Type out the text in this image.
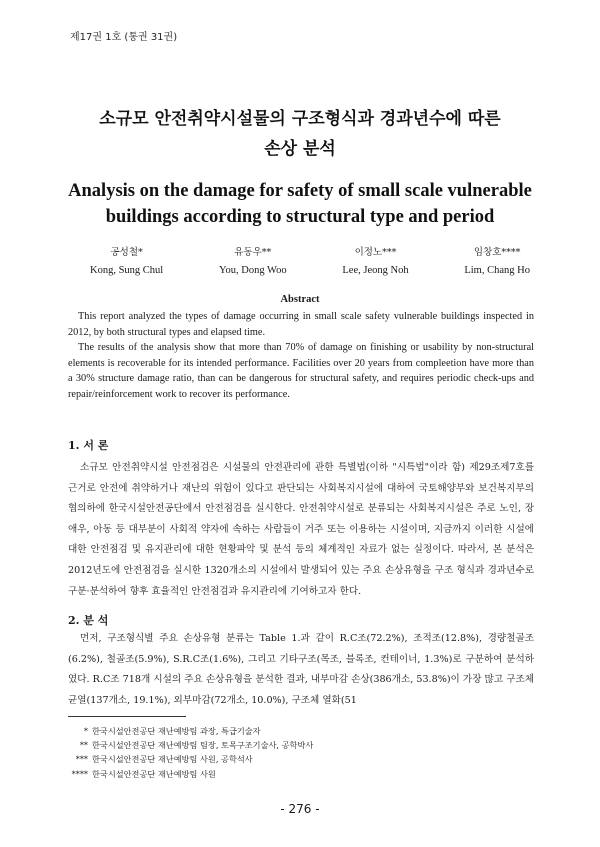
제17권 1호 (통권 31권)
소규모 안전취약시설물의 구조형식과 경과년수에 따른
손상 분석
Analysis on the damage for safety of small scale vulnerable
buildings according to structural type and period
공성철*
Kong, Sung Chul
유동우**
You, Dong Woo
이정노***
Lee, Jeong Noh
임창호****
Lim, Chang Ho
Abstract

This report analyzed the types of damage occurring in small scale safety vulnerable buildings inspected in 2012, by both structural types and elapsed time.

The results of the analysis show that more than 70% of damage on finishing or usability by non-structural elements is recoverable for its intended performance. Facilities over 20 years from compleetion have more than a 30% structure damage ratio, than can be dangerous for structural safety, and requires periodic check-ups and repair/reinforcement work to recover its performance.

1. 서 론

소규모 안전취약시설 안전점검은 시설물의 안전관리에 관한 특별법(이하 "시특법"이라 함) 제29조제7호를 근거로 안전에 취약하거나 재난의 위험이 있다고 판단되는 사회복지시설에 대하여 국토해양부와 보건복지부의 협의하에 한국시설안전공단에서 안전점검을 실시한다. 안전취약시설로 분류되는 사회복지시설은 주로 노인, 장애우, 아동 등 대부분이 사회적 약자에 속하는 사람들이 거주 또는 이용하는 시설이며, 지금까지 이러한 시설에 대한 안전점검 및 유지관리에 대한 현황파악 및 분석 등의 체계적인 자료가 없는 실정이다. 따라서, 본 분석은 2012년도에 안전점검을 실시한 1320개소의 시설에서 발생되어 있는 주요 손상유형을 구조 형식과 경과년수로 구분·분석하여 향후 효율적인 안전점검과 유지관리에 기여하고자 한다.

2. 분 석

먼저, 구조형식별 주요 손상유형 분류는 Table 1.과 같이 R.C조(72.2%), 조적조(12.8%), 경량철골조(6.2%), 철골조(5.9%), S.R.C조(1.6%), 그리고 기타구조(목조, 블록조, 컨테이너, 1.3%)로 구분하여 분석하였다. R.C조 718개 시설의 주요 손상유형을 분석한 결과, 내부마감 손상(386개소, 53.8%)이 가장 많고 구조체 균열(137개소, 19.1%), 외부마감(72개소, 10.0%), 구조체 열화(51

* 한국시설안전공단 재난예방팀 과장, 특급기술자
** 한국시설안전공단 재난예방팀 팀장, 토목구조기술사, 공학박사
*** 한국시설안전공단 재난예방팀 사원, 공학석사
**** 한국시설안전공단 재난예방팀 사원
- 276 -
